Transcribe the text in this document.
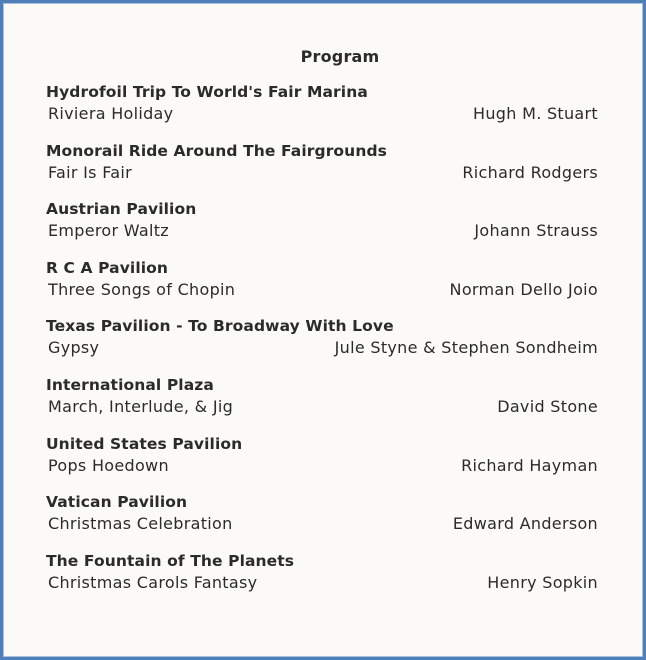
Program
Hydrofoil Trip To World's Fair Marina
Riviera Holiday	Hugh M. Stuart
Monorail Ride Around The Fairgrounds
Fair Is Fair	Richard Rodgers
Austrian Pavilion
Emperor Waltz	Johann Strauss
R C A Pavilion
Three Songs of Chopin	Norman Dello Joio
Texas Pavilion - To Broadway With Love
Gypsy	Jule Styne & Stephen Sondheim
International Plaza
March, Interlude, & Jig	David Stone
United States Pavilion
Pops Hoedown	Richard Hayman
Vatican Pavilion
Christmas Celebration	Edward Anderson
The Fountain of The Planets
Christmas Carols Fantasy	Henry Sopkin
